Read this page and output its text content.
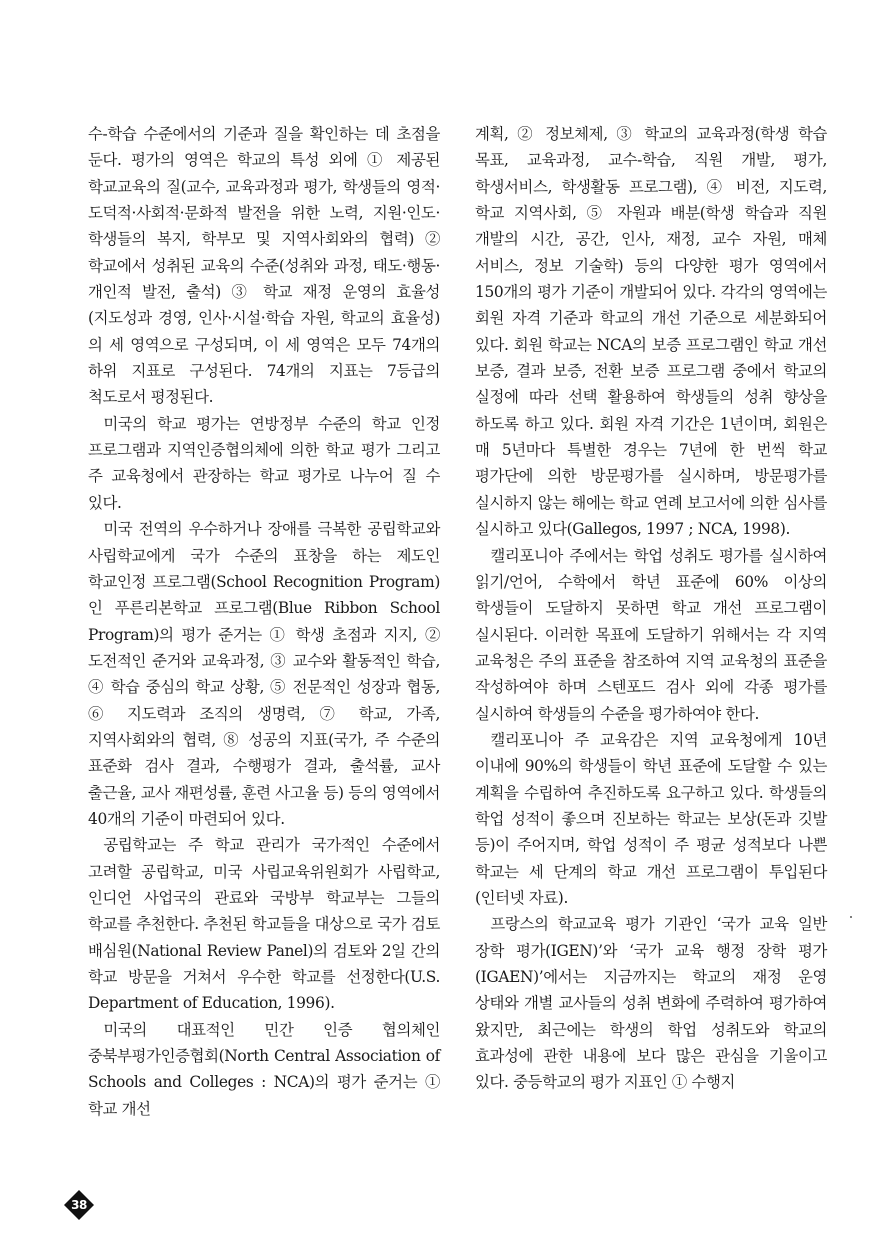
수-학습 수준에서의 기준과 질을 확인하는 데 초점을 둔다. 평가의 영역은 학교의 특성 외에 ① 제공된 학교교육의 질(교수, 교육과정과 평가, 학생들의 영적·도덕적·사회적·문화적 발전을 위한 노력, 지원·인도·학생들의 복지, 학부모 및 지역사회와의 협력) ② 학교에서 성취된 교육의 수준(성취와 과정, 태도·행동·개인적 발전, 출석) ③ 학교 재정 운영의 효율성(지도성과 경영, 인사·시설·학습 자원, 학교의 효율성)의 세 영역으로 구성되며, 이 세 영역은 모두 74개의 하위 지표로 구성된다. 74개의 지표는 7등급의 척도로서 평정된다.

미국의 학교 평가는 연방정부 수준의 학교 인정 프로그램과 지역인증협의체에 의한 학교 평가 그리고 주 교육청에서 관장하는 학교 평가로 나누어 질 수 있다.

미국 전역의 우수하거나 장애를 극복한 공립학교와 사립학교에게 국가 수준의 표창을 하는 제도인 학교인정 프로그램(School Recognition Program)인 푸른리본학교 프로그램(Blue Ribbon School Program)의 평가 준거는 ① 학생 초점과 지지, ② 도전적인 준거와 교육과정, ③ 교수와 활동적인 학습, ④ 학습 중심의 학교 상황, ⑤ 전문적인 성장과 협동, ⑥ 지도력과 조직의 생명력, ⑦ 학교, 가족, 지역사회와의 협력, ⑧ 성공의 지표(국가, 주 수준의 표준화 검사 결과, 수행평가 결과, 출석률, 교사 출근율, 교사 재편성률, 훈련 사고율 등) 등의 영역에서 40개의 기준이 마련되어 있다.

공립학교는 주 학교 관리가 국가적인 수준에서 고려할 공립학교, 미국 사립교육위원회가 사립학교, 인디언 사업국의 관료와 국방부 학교부는 그들의 학교를 추천한다. 추천된 학교들을 대상으로 국가 검토 배심원(National Review Panel)의 검토와 2일 간의 학교 방문을 거쳐서 우수한 학교를 선정한다(U.S. Department of Education, 1996).

미국의 대표적인 민간 인증 협의체인 중북부평가인증협회(North Central Association of Schools and Colleges : NCA)의 평가 준거는 ① 학교 개선

계획, ② 정보체제, ③ 학교의 교육과정(학생 학습 목표, 교육과정, 교수-학습, 직원 개발, 평가, 학생서비스, 학생활동 프로그램), ④ 비전, 지도력, 학교 지역사회, ⑤ 자원과 배분(학생 학습과 직원 개발의 시간, 공간, 인사, 재정, 교수 자원, 매체 서비스, 정보 기술학) 등의 다양한 평가 영역에서 150개의 평가 기준이 개발되어 있다. 각각의 영역에는 회원 자격 기준과 학교의 개선 기준으로 세분화되어 있다. 회원 학교는 NCA의 보증 프로그램인 학교 개선 보증, 결과 보증, 전환 보증 프로그램 중에서 학교의 실정에 따라 선택 활용하여 학생들의 성취 향상을 하도록 하고 있다. 회원 자격 기간은 1년이며, 회원은 매 5년마다 특별한 경우는 7년에 한 번씩 학교 평가단에 의한 방문평가를 실시하며, 방문평가를 실시하지 않는 해에는 학교 연례 보고서에 의한 심사를 실시하고 있다(Gallegos, 1997 ; NCA, 1998).

캘리포니아 주에서는 학업 성취도 평가를 실시하여 읽기/언어, 수학에서 학년 표준에 60% 이상의 학생들이 도달하지 못하면 학교 개선 프로그램이 실시된다. 이러한 목표에 도달하기 위해서는 각 지역 교육청은 주의 표준을 참조하여 지역 교육청의 표준을 작성하여야 하며 스텐포드 검사 외에 각종 평가를 실시하여 학생들의 수준을 평가하여야 한다.

캘리포니아 주 교육감은 지역 교육청에게 10년 이내에 90%의 학생들이 학년 표준에 도달할 수 있는 계획을 수립하여 추진하도록 요구하고 있다. 학생들의 학업 성적이 좋으며 진보하는 학교는 보상(돈과 깃발 등)이 주어지며, 학업 성적이 주 평균 성적보다 나쁜 학교는 세 단계의 학교 개선 프로그램이 투입된다(인터넷 자료).

프랑스의 학교교육 평가 기관인 ‘국가 교육 일반 장학 평가(IGEN)’와 ‘국가 교육 행정 장학 평가(IGAEN)’에서는 지금까지는 학교의 재정 운영 상태와 개별 교사들의 성취 변화에 주력하여 평가하여 왔지만, 최근에는 학생의 학업 성취도와 학교의 효과성에 관한 내용에 보다 많은 관심을 기울이고 있다. 중등학교의 평가 지표인 ① 수행지

38
